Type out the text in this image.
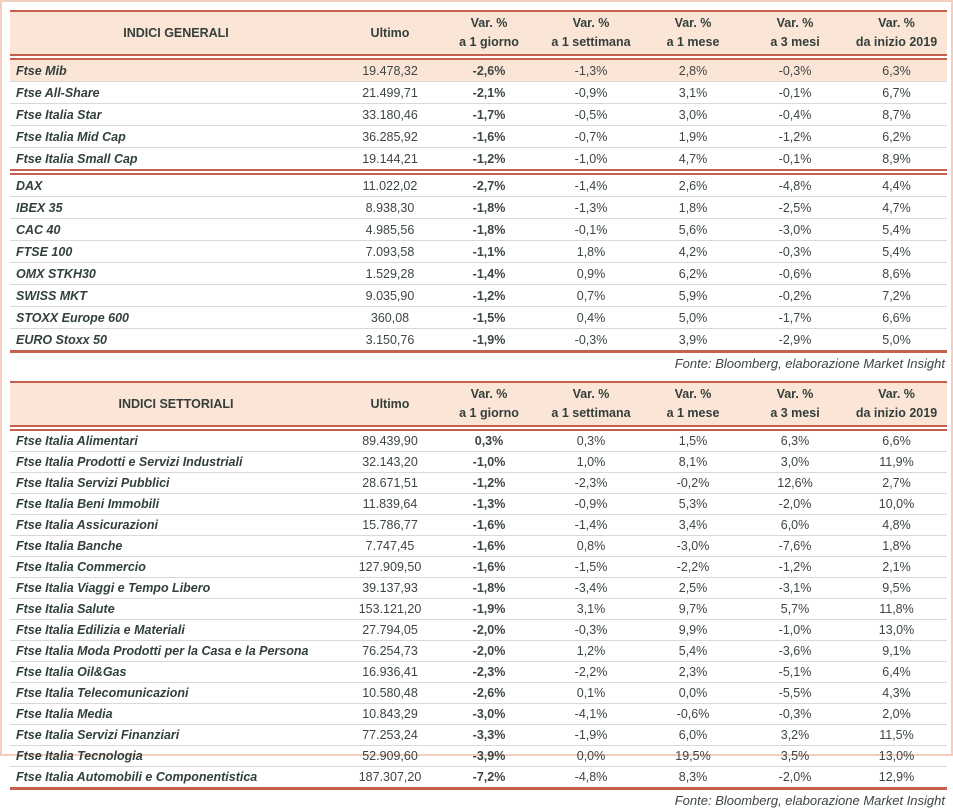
INDICI GENERALI	Ultimo	
Var. %
a 1 giorno

Var. %
a 1 settimana

Var. %
a 1 mese

Var. %
a 3 mesi

Var. %
da inizio 2019

Ftse Mib	19.478,32	-2,6%	-1,3%	2,8%	-0,3%	6,3%
Ftse All-Share	21.499,71	-2,1%	-0,9%	3,1%	-0,1%	6,7%
Ftse Italia Star	33.180,46	-1,7%	-0,5%	3,0%	-0,4%	8,7%
Ftse Italia Mid Cap	36.285,92	-1,6%	-0,7%	1,9%	-1,2%	6,2%
Ftse Italia Small Cap	19.144,21	-1,2%	-1,0%	4,7%	-0,1%	8,9%

DAX	11.022,02	-2,7%	-1,4%	2,6%	-4,8%	4,4%
IBEX 35	8.938,30	-1,8%	-1,3%	1,8%	-2,5%	4,7%
CAC 40	4.985,56	-1,8%	-0,1%	5,6%	-3,0%	5,4%
FTSE 100	7.093,58	-1,1%	1,8%	4,2%	-0,3%	5,4%
OMX STKH30	1.529,28	-1,4%	0,9%	6,2%	-0,6%	8,6%
SWISS MKT	9.035,90	-1,2%	0,7%	5,9%	-0,2%	7,2%
STOXX Europe 600	360,08	-1,5%	0,4%	5,0%	-1,7%	6,6%
EURO Stoxx 50	3.150,76	-1,9%	-0,3%	3,9%	-2,9%	5,0%
Fonte: Bloomberg, elaborazione Market Insight
INDICI SETTORIALI	Ultimo	
Var. %
a 1 giorno

Var. %
a 1 settimana

Var. %
a 1 mese

Var. %
a 3 mesi

Var. %
da inizio 2019

Ftse Italia Alimentari	89.439,90	0,3%	0,3%	1,5%	6,3%	6,6%
Ftse Italia Prodotti e Servizi Industriali	32.143,20	-1,0%	1,0%	8,1%	3,0%	11,9%
Ftse Italia Servizi Pubblici	28.671,51	-1,2%	-2,3%	-0,2%	12,6%	2,7%
Ftse Italia Beni Immobili	11.839,64	-1,3%	-0,9%	5,3%	-2,0%	10,0%
Ftse Italia Assicurazioni	15.786,77	-1,6%	-1,4%	3,4%	6,0%	4,8%
Ftse Italia Banche	7.747,45	-1,6%	0,8%	-3,0%	-7,6%	1,8%
Ftse Italia Commercio	127.909,50	-1,6%	-1,5%	-2,2%	-1,2%	2,1%
Ftse Italia Viaggi e Tempo Libero	39.137,93	-1,8%	-3,4%	2,5%	-3,1%	9,5%
Ftse Italia Salute	153.121,20	-1,9%	3,1%	9,7%	5,7%	11,8%
Ftse Italia Edilizia e Materiali	27.794,05	-2,0%	-0,3%	9,9%	-1,0%	13,0%
Ftse Italia Moda Prodotti per la Casa e la Persona	76.254,73	-2,0%	1,2%	5,4%	-3,6%	9,1%
Ftse Italia Oil&Gas	16.936,41	-2,3%	-2,2%	2,3%	-5,1%	6,4%
Ftse Italia Telecomunicazioni	10.580,48	-2,6%	0,1%	0,0%	-5,5%	4,3%
Ftse Italia Media	10.843,29	-3,0%	-4,1%	-0,6%	-0,3%	2,0%
Ftse Italia Servizi Finanziari	77.253,24	-3,3%	-1,9%	6,0%	3,2%	11,5%
Ftse Italia Tecnologia	52.909,60	-3,9%	0,0%	19,5%	3,5%	13,0%
Ftse Italia Automobili e Componentistica	187.307,20	-7,2%	-4,8%	8,3%	-2,0%	12,9%
Fonte: Bloomberg, elaborazione Market Insight
